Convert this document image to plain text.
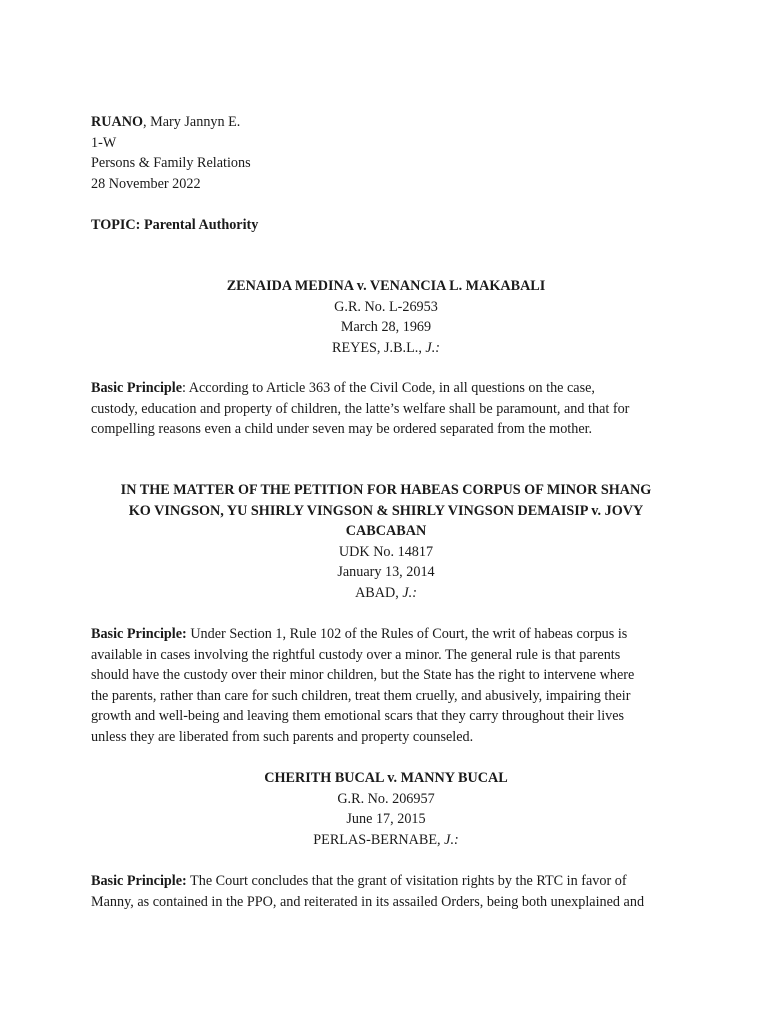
RUANO, Mary Jannyn E.
1-W
Persons & Family Relations
28 November 2022
TOPIC: Parental Authority
ZENAIDA MEDINA v. VENANCIA L. MAKABALI
G.R. No. L-26953
March 28, 1969
REYES, J.B.L., J.:
Basic Principle: According to Article 363 of the Civil Code, in all questions on the case,
custody, education and property of children, the latte’s welfare shall be paramount, and that for
compelling reasons even a child under seven may be ordered separated from the mother.
IN THE MATTER OF THE PETITION FOR HABEAS CORPUS OF MINOR SHANG
KO VINGSON, YU SHIRLY VINGSON & SHIRLY VINGSON DEMAISIP v. JOVY
CABCABAN
UDK No. 14817
January 13, 2014
ABAD, J.:
Basic Principle: Under Section 1, Rule 102 of the Rules of Court, the writ of habeas corpus is
available in cases involving the rightful custody over a minor. The general rule is that parents
should have the custody over their minor children, but the State has the right to intervene where
the parents, rather than care for such children, treat them cruelly, and abusively, impairing their
growth and well-being and leaving them emotional scars that they carry throughout their lives
unless they are liberated from such parents and property counseled.
CHERITH BUCAL v. MANNY BUCAL
G.R. No. 206957
June 17, 2015
PERLAS-BERNABE, J.:
Basic Principle: The Court concludes that the grant of visitation rights by the RTC in favor of
Manny, as contained in the PPO, and reiterated in its assailed Orders, being both unexplained and
